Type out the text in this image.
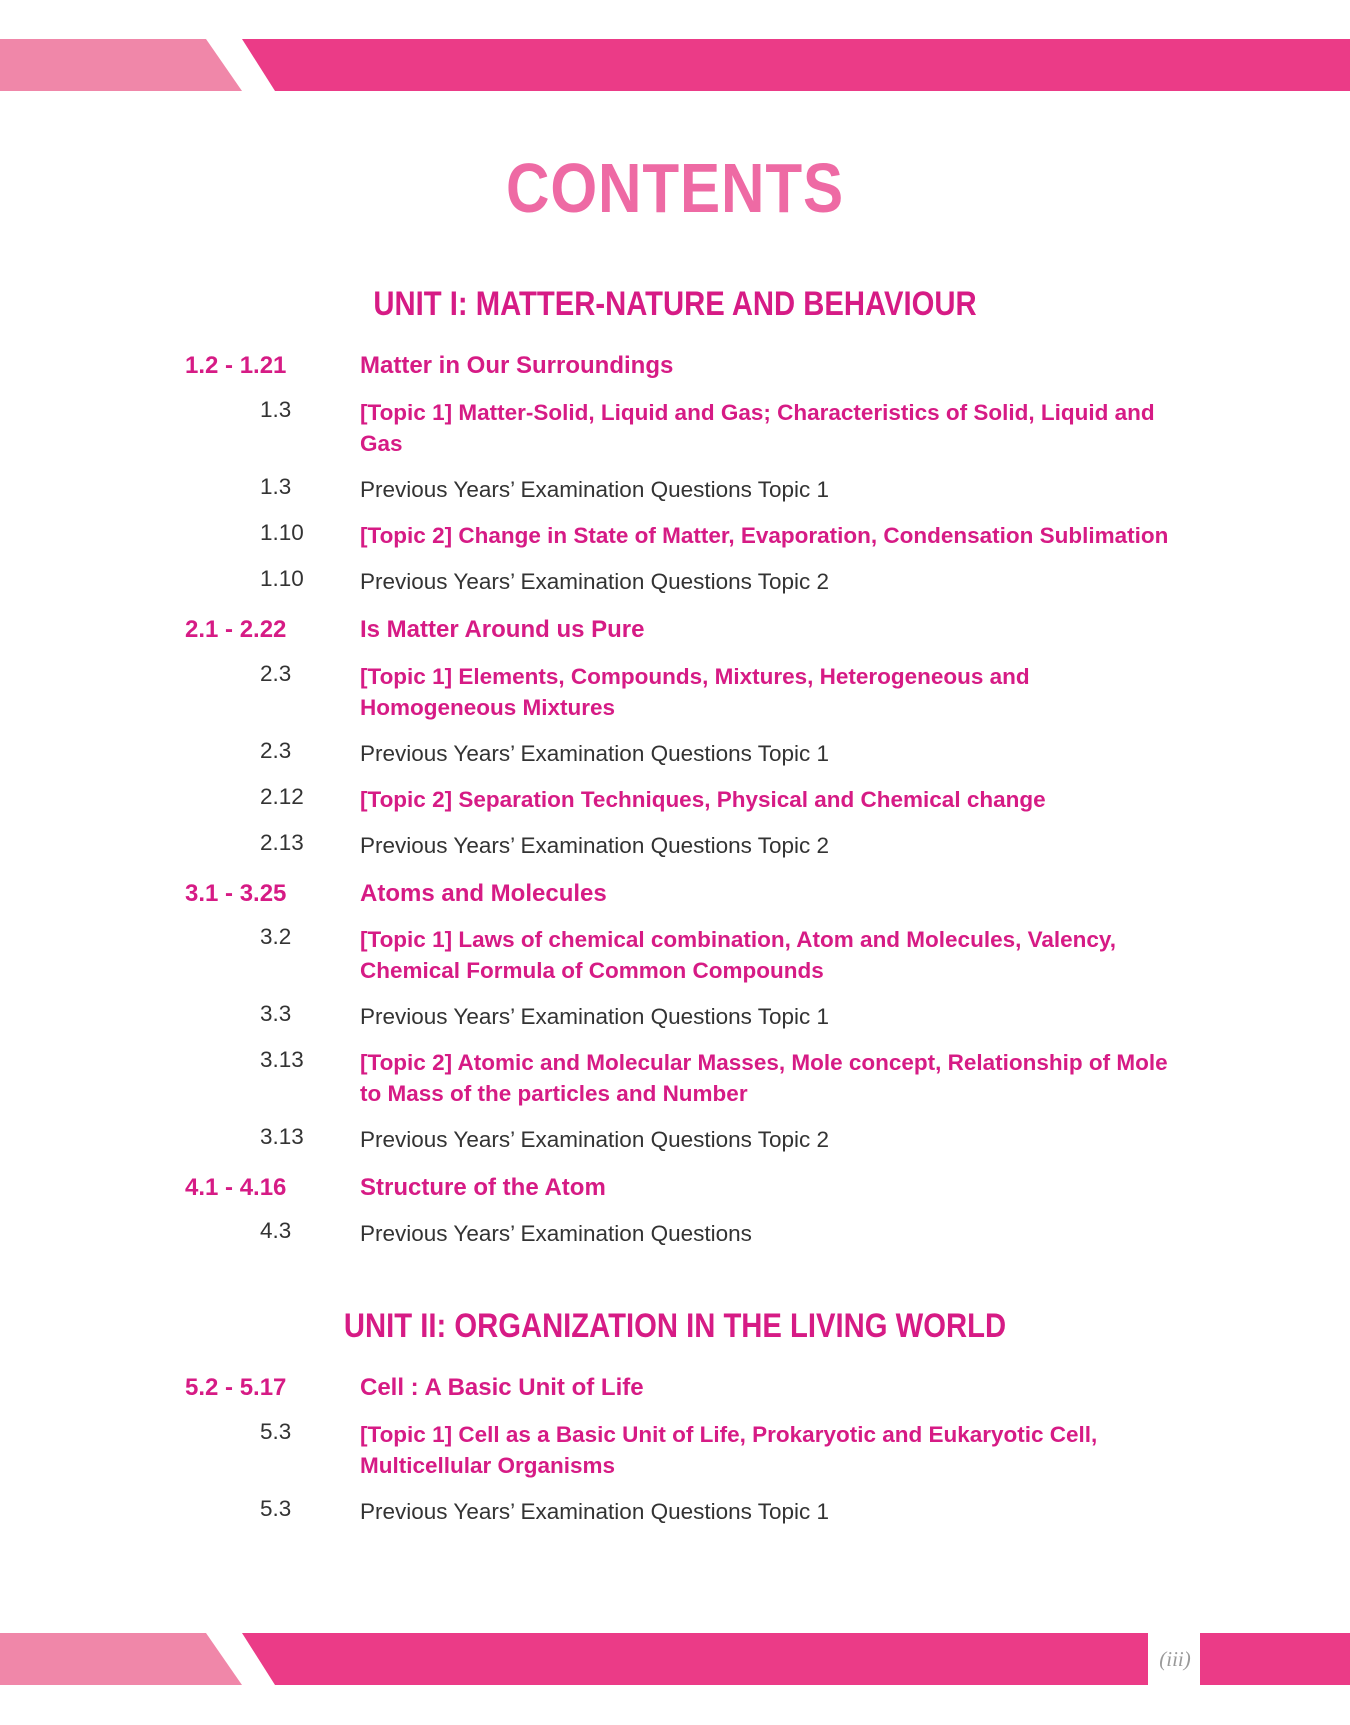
CONTENTS
UNIT I: MATTER-NATURE AND BEHAVIOUR
1.2 - 1.21	Matter in Our Surroundings
1.3	[Topic 1] Matter-Solid, Liquid and Gas; Characteristics of Solid, Liquid and Gas
1.3	Previous Years’ Examination Questions Topic 1
1.10 [Topic 2] Change in State of Matter, Evaporation, Condensation Sublimation
1.10 Previous Years’ Examination Questions Topic 2
2.1 - 2.22	Is Matter Around us Pure
2.3	[Topic 1] Elements, Compounds, Mixtures, Heterogeneous and Homogeneous Mixtures
2.3	Previous Years’ Examination Questions Topic 1
2.12 [Topic 2] Separation Techniques, Physical and Chemical change
2.13 Previous Years’ Examination Questions Topic 2
3.1 - 3.25	Atoms and Molecules
3.2	[Topic 1] Laws of chemical combination, Atom and Molecules, Valency, Chemical Formula of Common Compounds
3.3	Previous Years’ Examination Questions Topic 1
3.13 [Topic 2] Atomic and Molecular Masses, Mole concept, Relationship of Mole to Mass of the particles and Number
3.13 Previous Years’ Examination Questions Topic 2
4.1 - 4.16	Structure of the Atom
4.3	Previous Years’ Examination Questions
UNIT II: ORGANIZATION IN THE LIVING WORLD
5.2 - 5.17	Cell : A Basic Unit of Life
5.3	[Topic 1] Cell as a Basic Unit of Life, Prokaryotic and Eukaryotic Cell, Multicellular Organisms
5.3	Previous Years’ Examination Questions Topic 1
(iii)
